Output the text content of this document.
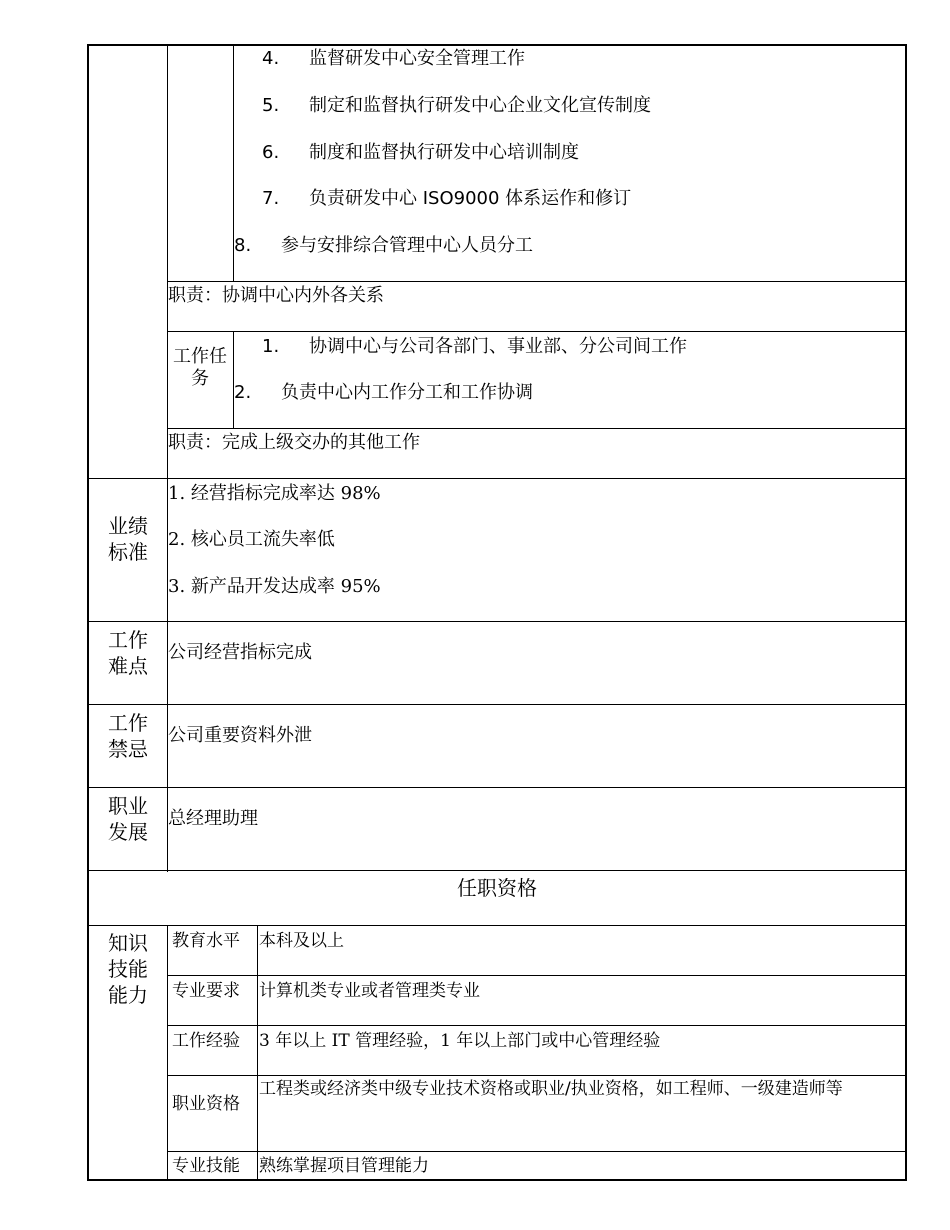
4. 监督研发中心安全管理工作
5. 制定和监督执行研发中心企业文化宣传制度
6. 制度和监督执行研发中心培训制度
7. 负责研发中心 ISO9000 体系运作和修订
8. 参与安排综合管理中心人员分工
职责：协调中心内外各关系
工作任务
1. 协调中心与公司各部门、事业部、分公司间工作
2. 负责中心内工作分工和工作协调
职责：完成上级交办的其他工作
业绩标准
1. 经营指标完成率达 98%
2. 核心员工流失率低
3. 新产品开发达成率 95%
工作难点
公司经营指标完成
工作禁忌
公司重要资料外泄
职业发展
总经理助理
任职资格
知识技能能力
教育水平 本科及以上
专业要求 计算机类专业或者管理类专业
工作经验 3 年以上 IT 管理经验，1 年以上部门或中心管理经验
职业资格
工程类或经济类中级专业技术资格或职业/执业资格，如工程师、一级建造师等
专业技能 熟练掌握项目管理能力
